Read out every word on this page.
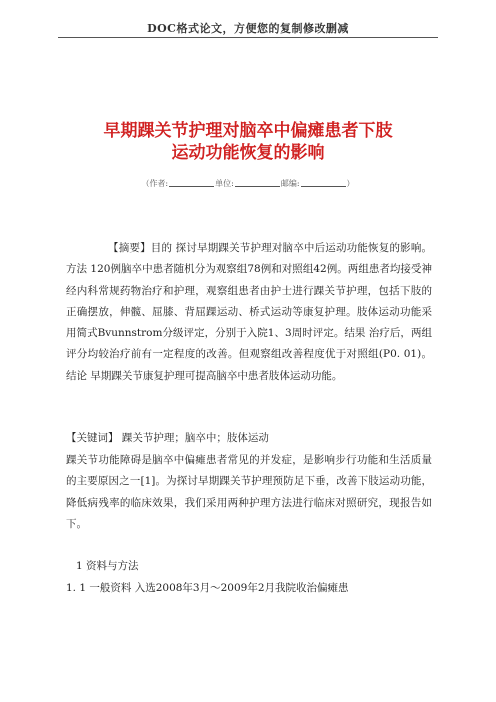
DOC格式论文，方便您的复制修改删减
早期踝关节护理对脑卒中偏瘫患者下肢
运动功能恢复的影响
（作者:	单位:	邮编:	）
【摘要】目的 探讨早期踝关节护理对脑卒中后运动功能恢复的影响。方法 120例脑卒中患者随机分为观察组78例和对照组42例。两组患者均接受神经内科常规药物治疗和护理，观察组患者由护士进行踝关节护理，包括下肢的正确摆放，伸髋、屈膝、背屈踝运动、桥式运动等康复护理。肢体运动功能采用简式Bvunnstrom分级评定，分别于入院1、3周时评定。结果 治疗后，两组评分均较治疗前有一定程度的改善。但观察组改善程度优于对照组(P0. 01)。结论 早期踝关节康复护理可提高脑卒中患者肢体运动功能。
【关键词】 踝关节护理；脑卒中；肢体运动
踝关节功能障碍是脑卒中偏瘫患者常见的并发症，是影响步行功能和生活质量的主要原因之一[1]。为探讨早期踝关节护理预防足下垂，改善下肢运动功能，降低病残率的临床效果，我们采用两种护理方法进行临床对照研究，现报告如下。
1 资料与方法
1. 1 一般资料 入选2008年3月～2009年2月我院收治偏瘫患
